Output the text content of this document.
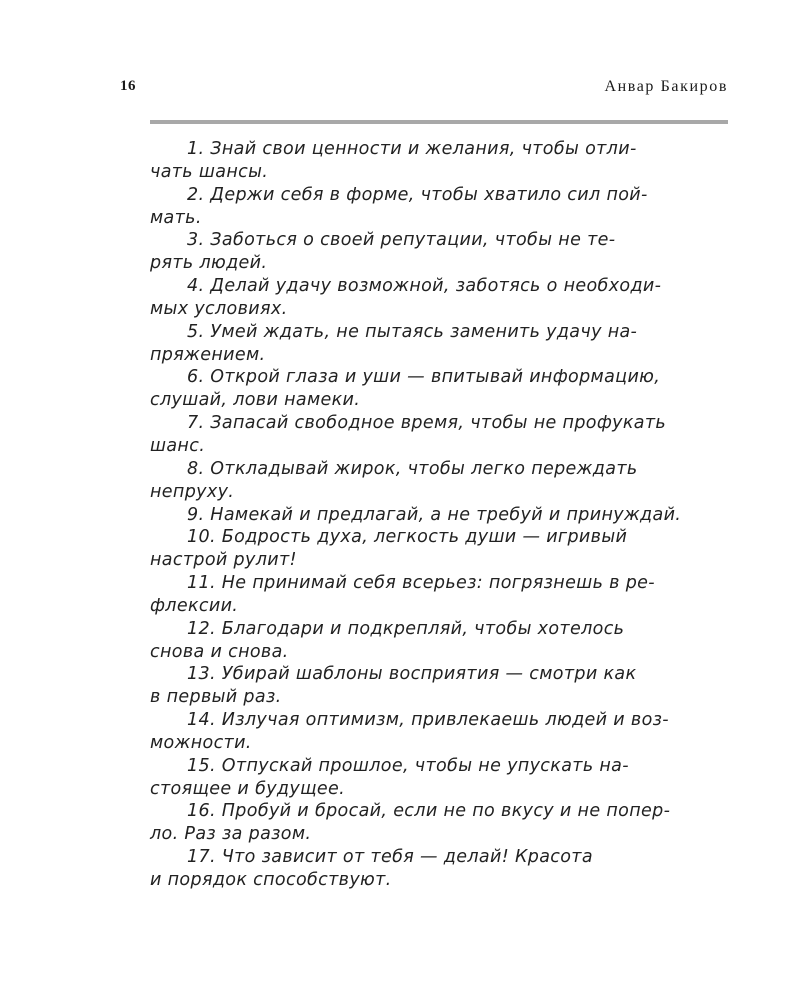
16	Анвар Бакиров
1. Знай свои ценности и желания, чтобы отли-
чать шансы.
2. Держи себя в форме, чтобы хватило сил пой-
мать.
3. Заботься о своей репутации, чтобы не те-
рять людей.
4. Делай удачу возможной, заботясь о необходи-
мых условиях.
5. Умей ждать, не пытаясь заменить удачу на-
пряжением.
6. Открой глаза и уши — впитывай информацию,
слушай, лови намеки.
7. Запасай свободное время, чтобы не профукать
шанс.
8. Откладывай жирок, чтобы легко переждать
непруху.
9. Намекай и предлагай, а не требуй и принуждай.
10. Бодрость духа, легкость души — игривый
настрой рулит!
11. Не принимай себя всерьез: погрязнешь в ре-
флексии.
12. Благодари и подкрепляй, чтобы хотелось
снова и снова.
13. Убирай шаблоны восприятия — смотри как
в первый раз.
14. Излучая оптимизм, привлекаешь людей и воз-
можности.
15. Отпускай прошлое, чтобы не упускать на-
стоящее и будущее.
16. Пробуй и бросай, если не по вкусу и не попер-
ло. Раз за разом.
17. Что зависит от тебя — делай! Красота
и порядок способствуют.
